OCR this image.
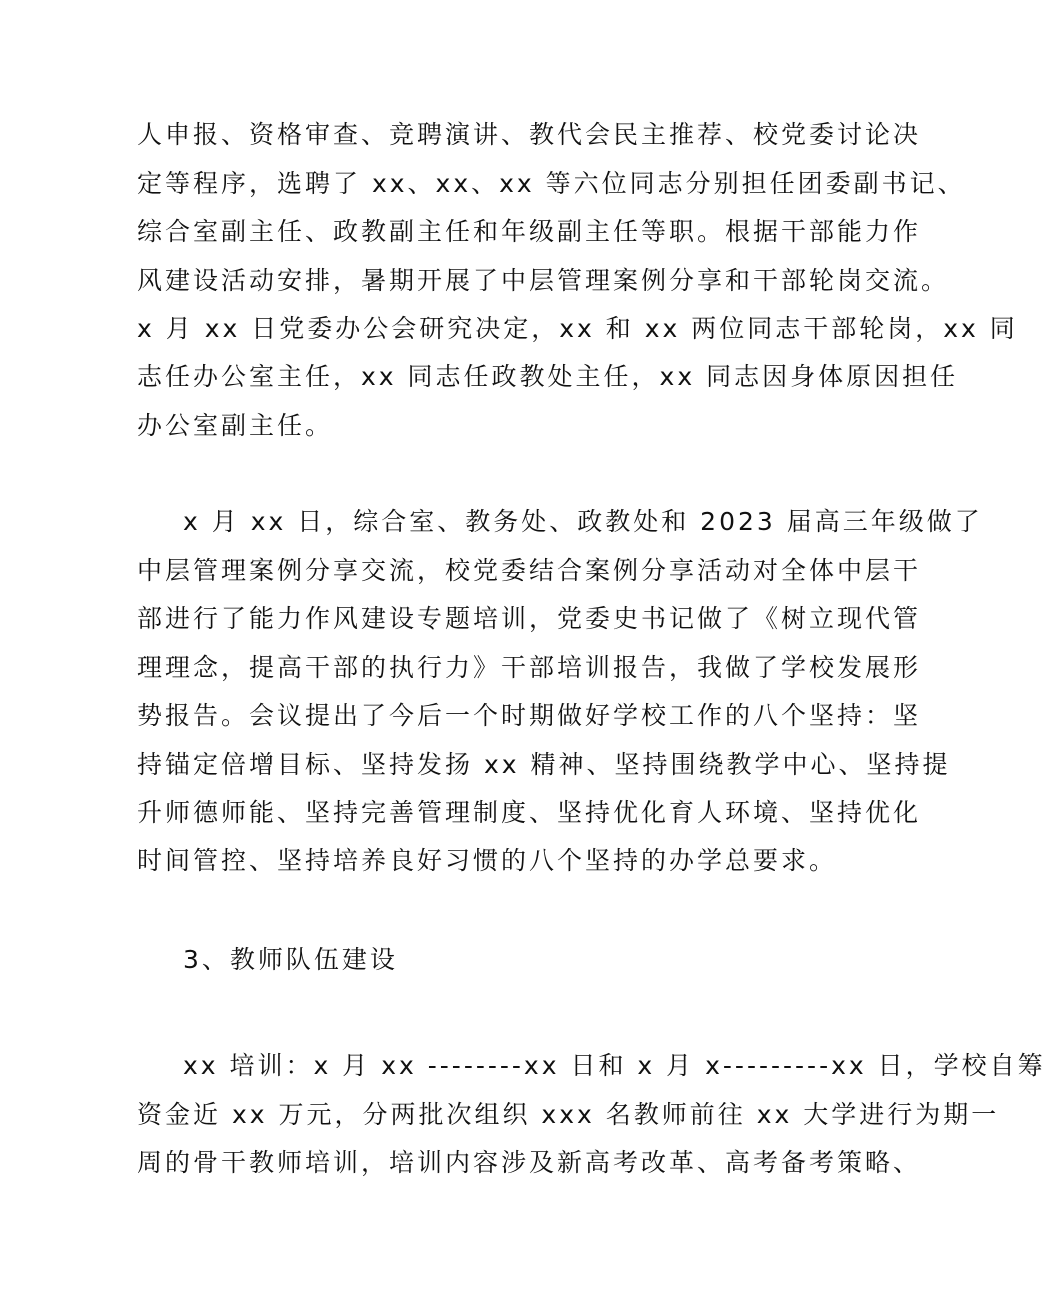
人申报、资格审查、竞聘演讲、教代会民主推荐、校党委讨论决
定等程序，选聘了 xx、xx、xx 等六位同志分别担任团委副书记、
综合室副主任、政教副主任和年级副主任等职。根据干部能力作
风建设活动安排，暑期开展了中层管理案例分享和干部轮岗交流。
x 月 xx 日党委办公会研究决定，xx 和 xx 两位同志干部轮岗，xx 同
志任办公室主任，xx 同志任政教处主任，xx 同志因身体原因担任
办公室副主任。
x 月 xx 日，综合室、教务处、政教处和 2023 届高三年级做了
中层管理案例分享交流，校党委结合案例分享活动对全体中层干
部进行了能力作风建设专题培训，党委史书记做了《树立现代管
理理念，提高干部的执行力》干部培训报告，我做了学校发展形
势报告。会议提出了今后一个时期做好学校工作的八个坚持：坚
持锚定倍增目标、坚持发扬 xx 精神、坚持围绕教学中心、坚持提
升师德师能、坚持完善管理制度、坚持优化育人环境、坚持优化
时间管控、坚持培养良好习惯的八个坚持的办学总要求。
3、教师队伍建设
xx 培训：x 月 xx --------xx 日和 x 月 x---------xx 日，学校自筹
资金近 xx 万元，分两批次组织 xxx 名教师前往 xx 大学进行为期一
周的骨干教师培训，培训内容涉及新高考改革、高考备考策略、
